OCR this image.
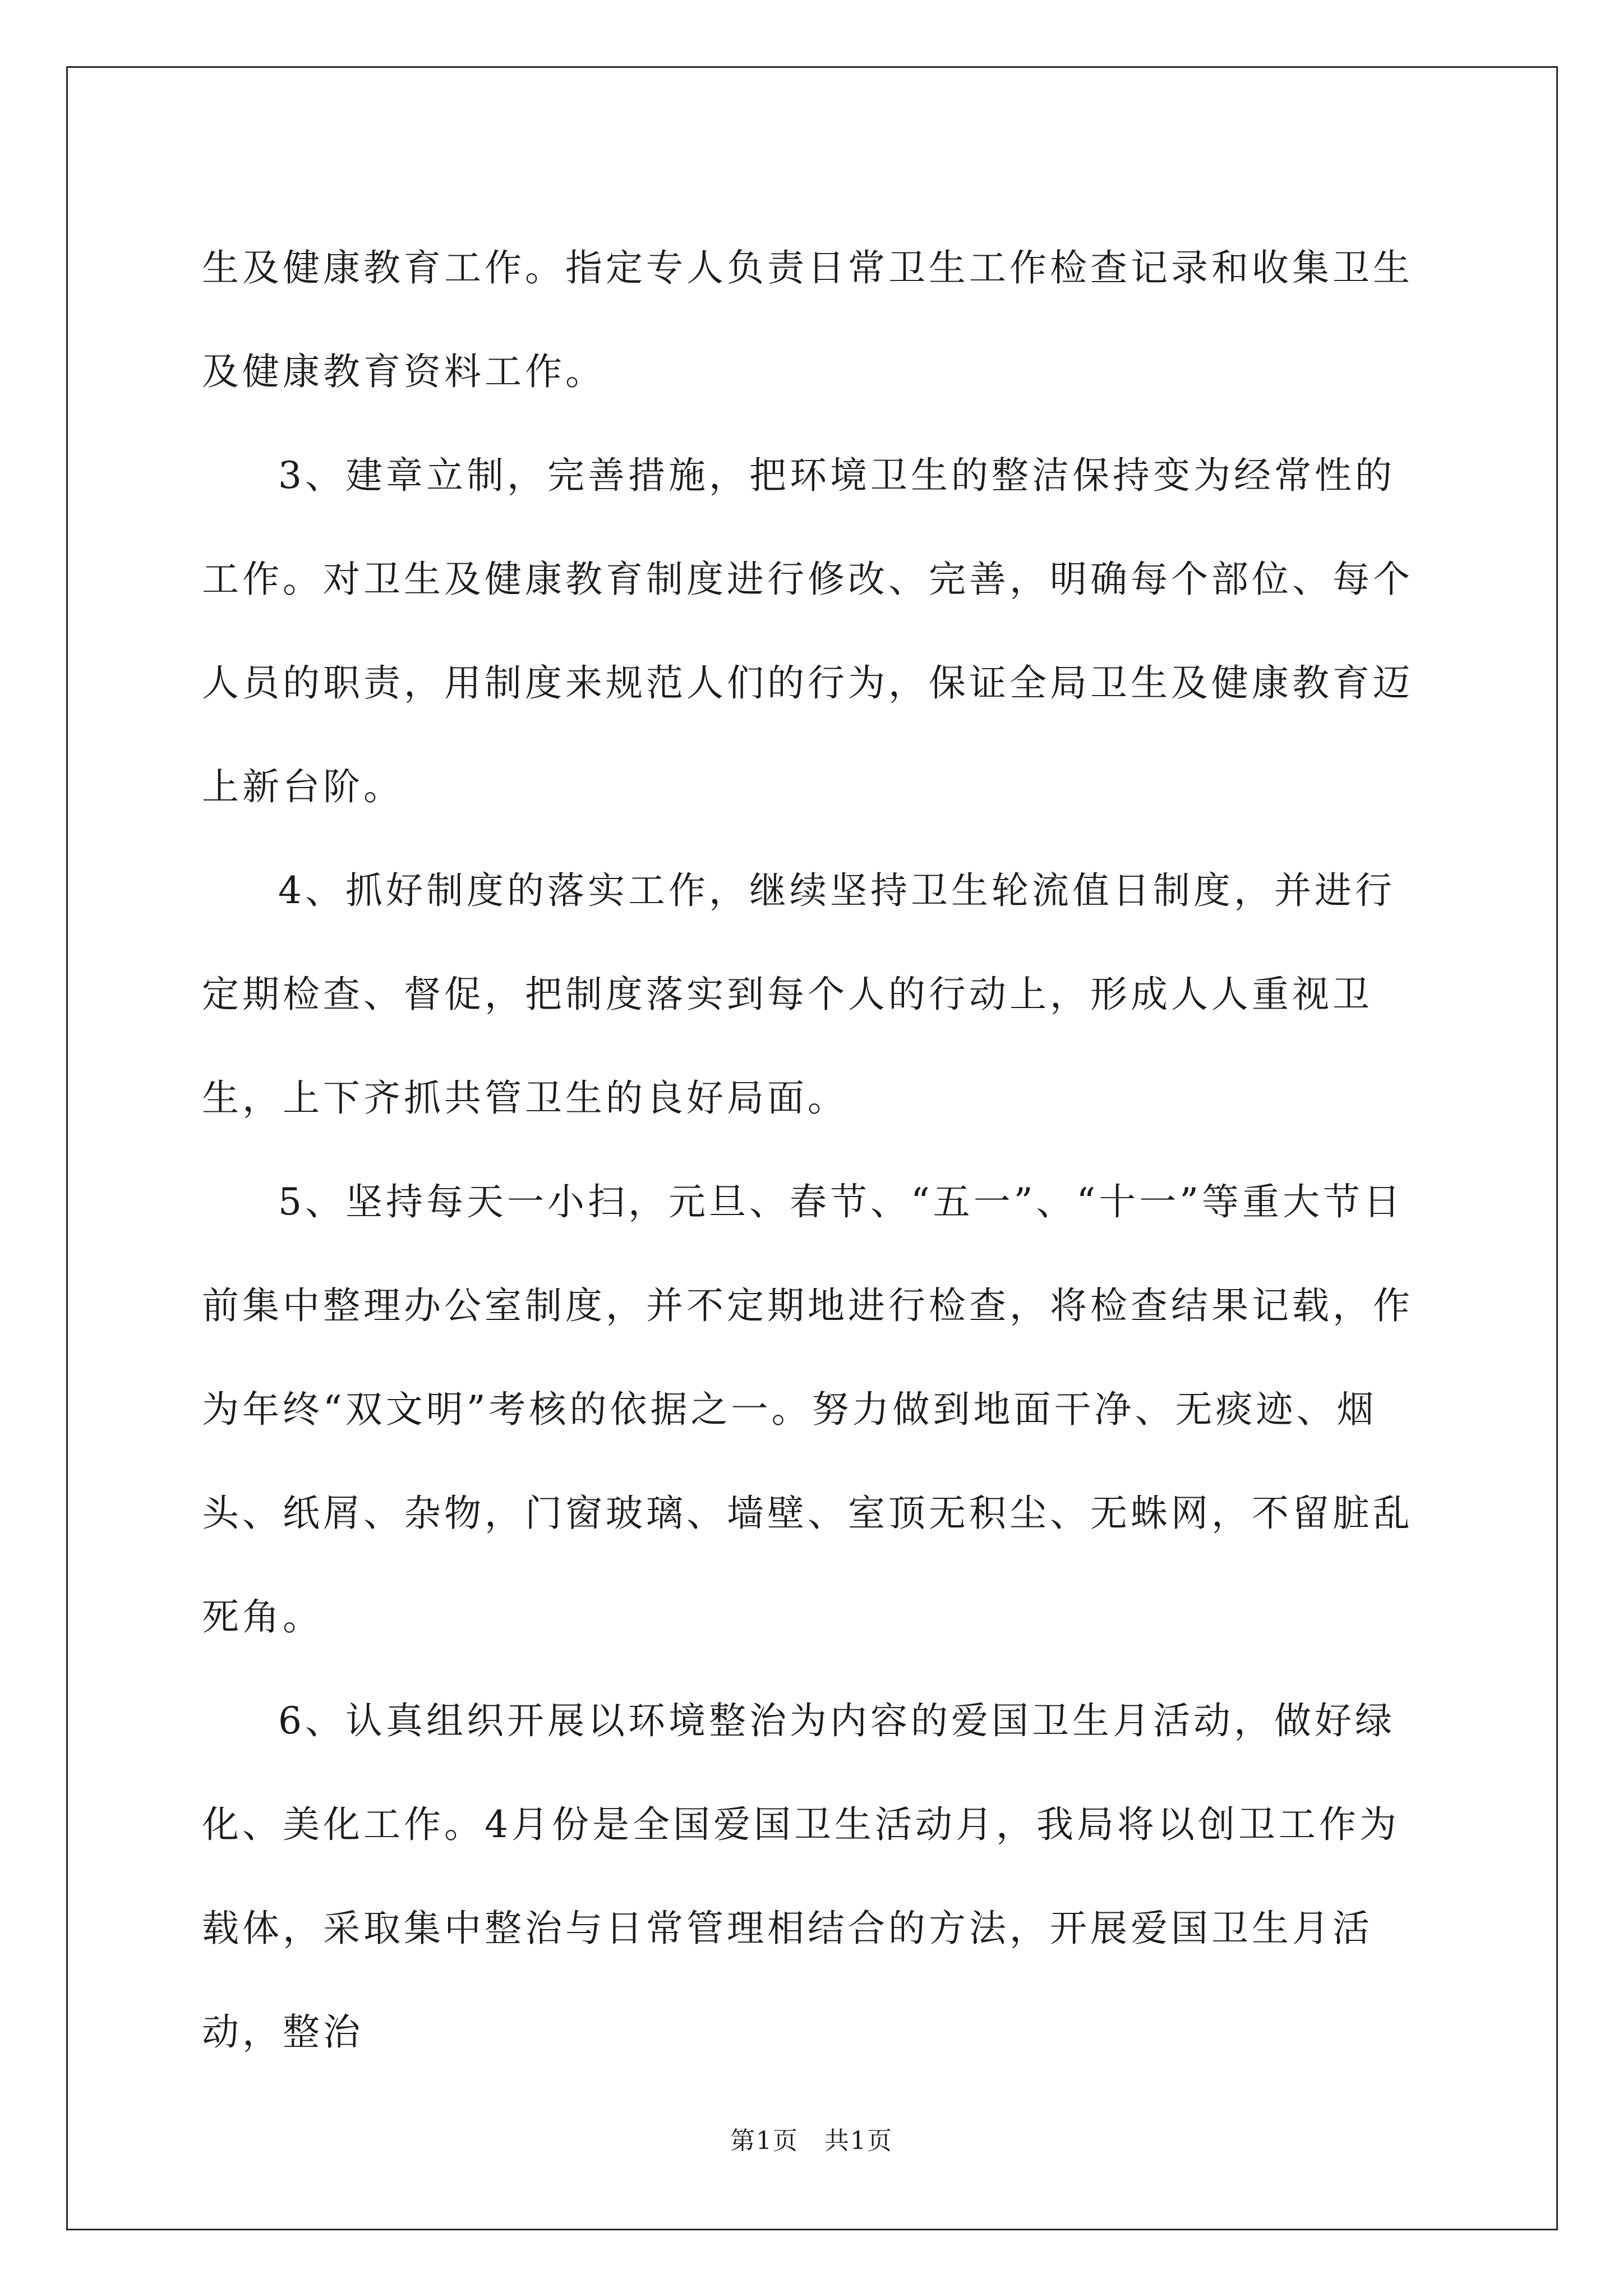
生及健康教育工作。指定专人负责日常卫生工作检查记录和收集卫生及健康教育资料工作。

3、建章立制，完善措施，把环境卫生的整洁保持变为经常性的工作。对卫生及健康教育制度进行修改、完善，明确每个部位、每个人员的职责，用制度来规范人们的行为，保证全局卫生及健康教育迈上新台阶。

4、抓好制度的落实工作，继续坚持卫生轮流值日制度，并进行定期检查、督促，把制度落实到每个人的行动上，形成人人重视卫生，上下齐抓共管卫生的良好局面。

5、坚持每天一小扫，元旦、春节、“五一”、“十一”等重大节日前集中整理办公室制度，并不定期地进行检查，将检查结果记载，作为年终“双文明”考核的依据之一。努力做到地面干净、无痰迹、烟头、纸屑、杂物，门窗玻璃、墙壁、室顶无积尘、无蛛网，不留脏乱死角。

6、认真组织开展以环境整治为内容的爱国卫生月活动，做好绿化、美化工作。4月份是全国爱国卫生活动月，我局将以创卫工作为载体，采取集中整治与日常管理相结合的方法，开展爱国卫生月活动，整治

第1页 共1页
